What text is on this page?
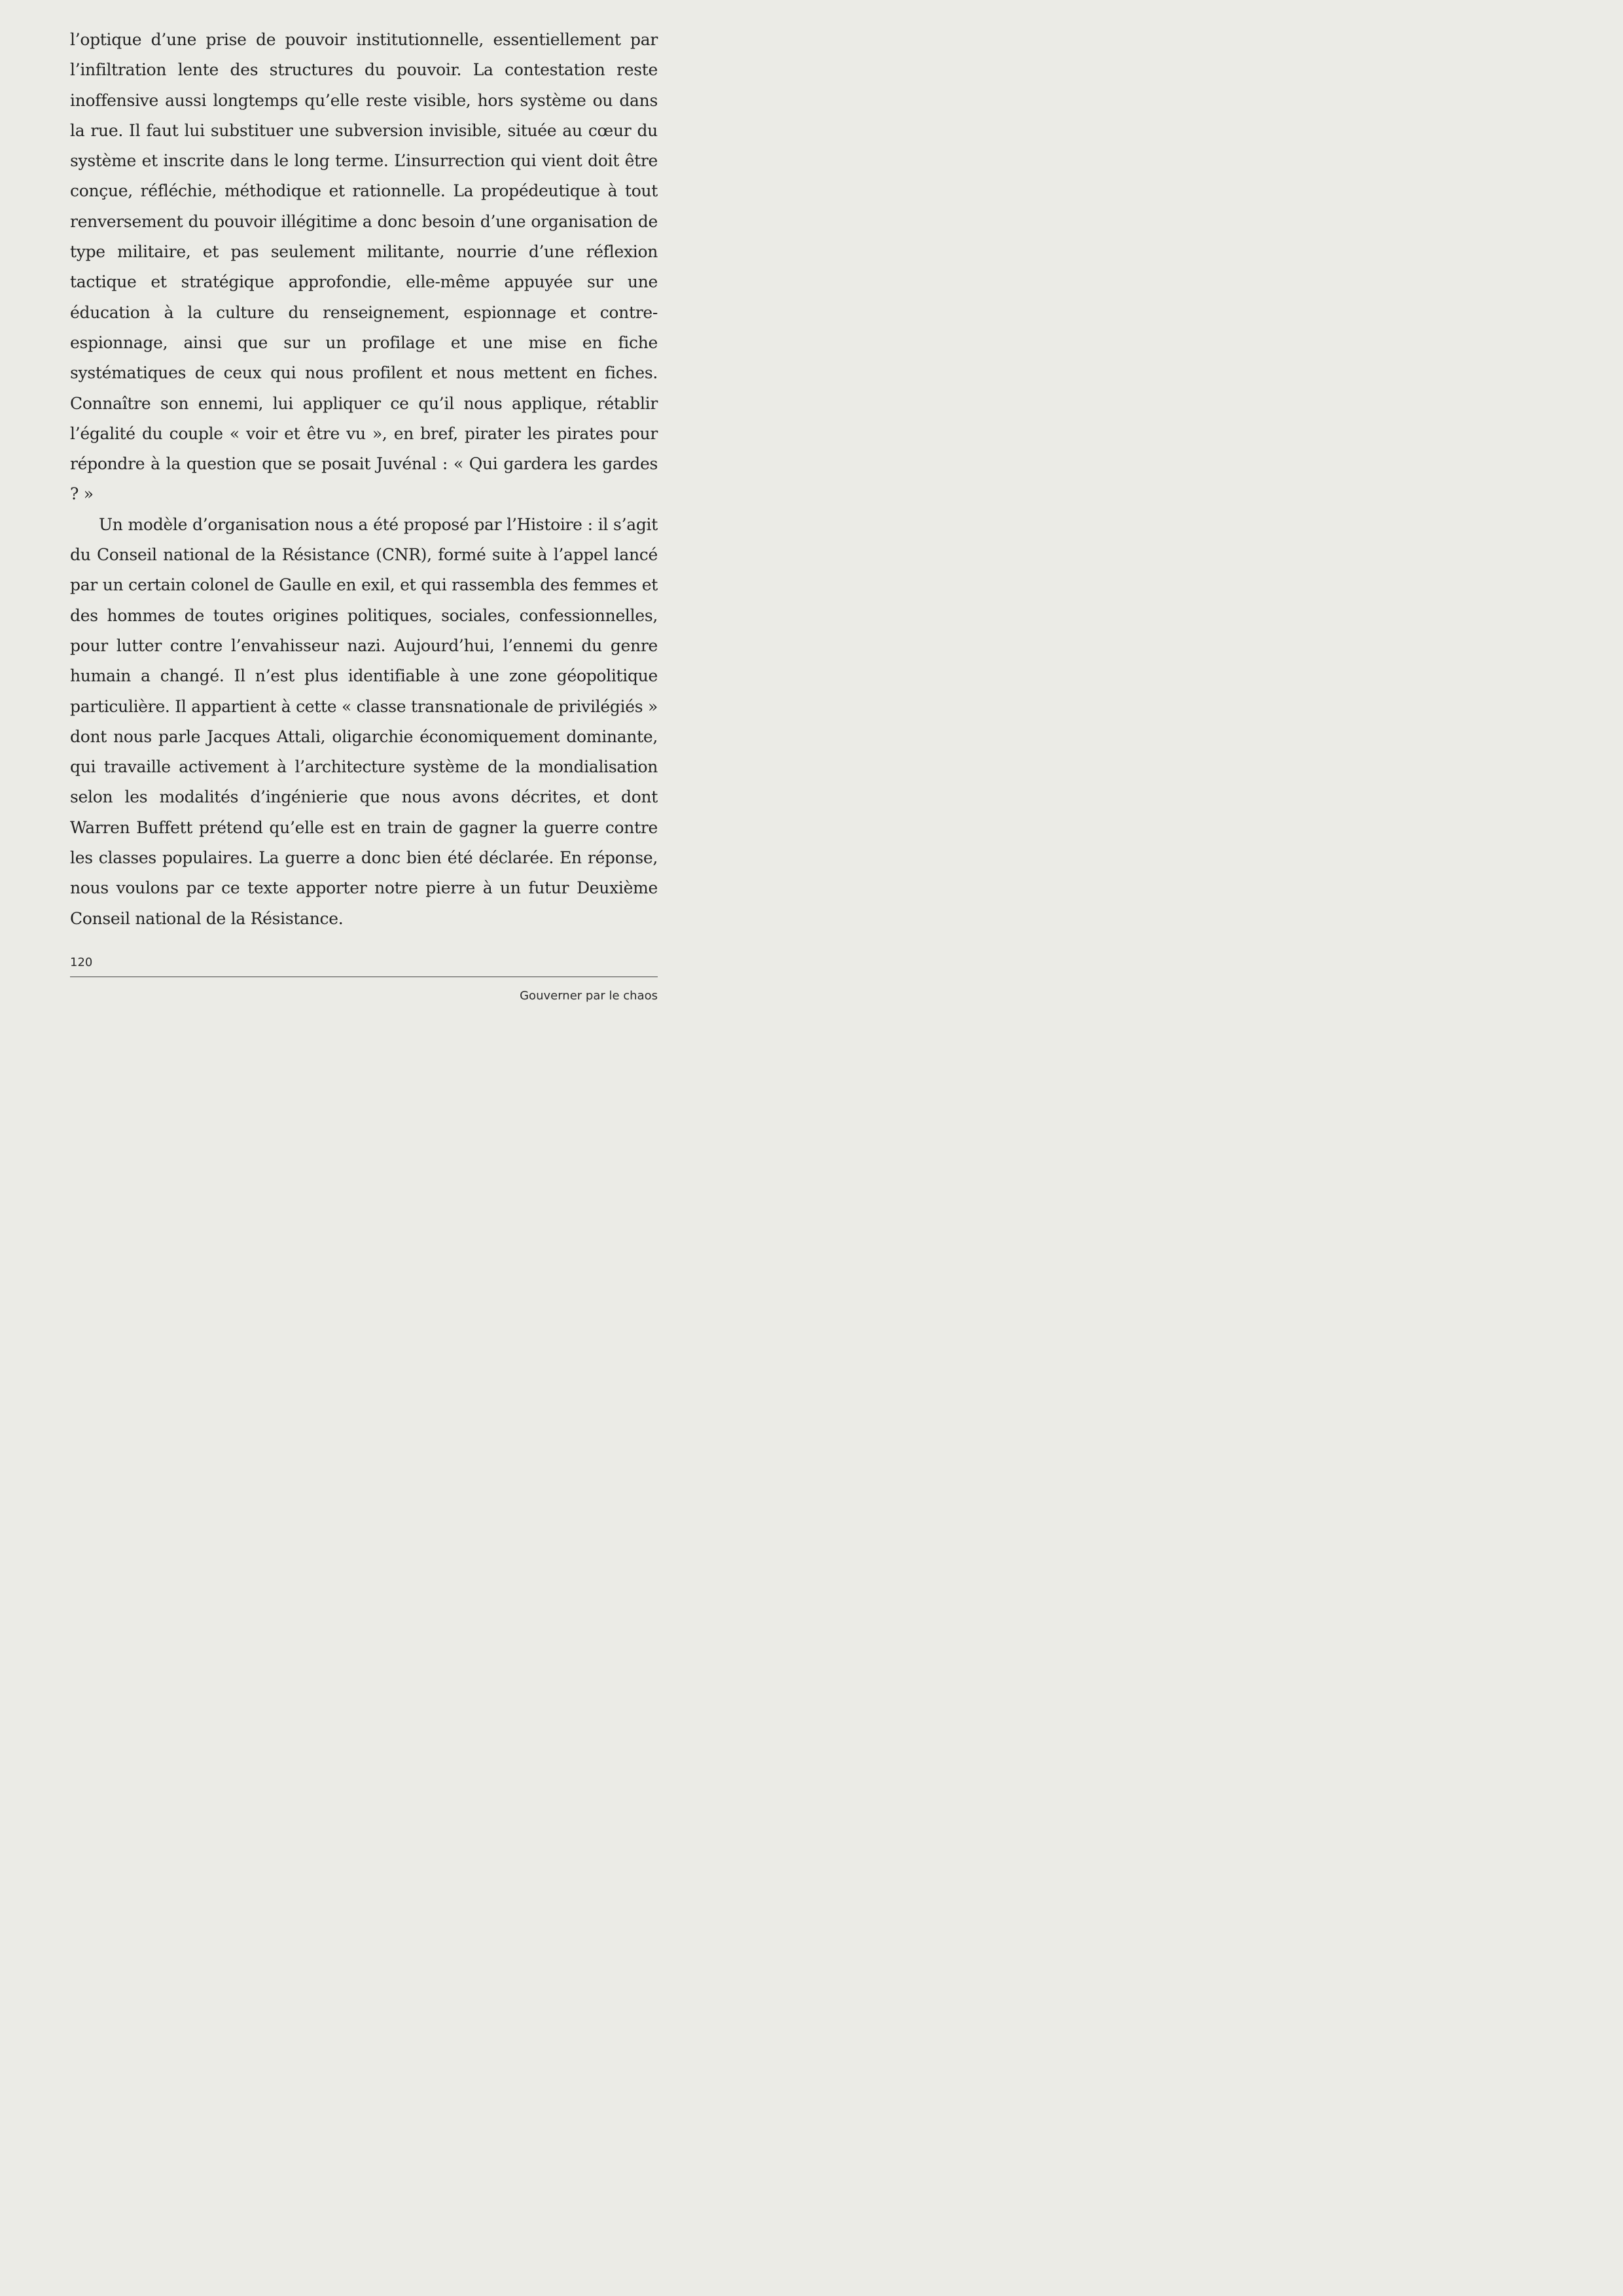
l’optique d’une prise de pouvoir institutionnelle, essentiellement par l’infiltration lente des structures du pouvoir. La contestation reste inoffensive aussi longtemps qu’elle reste visible, hors système ou dans la rue. Il faut lui substituer une subversion invisible, située au cœur du système et inscrite dans le long terme. L’insurrection qui vient doit être conçue, réfléchie, méthodique et rationnelle. La propédeutique à tout renversement du pouvoir illégitime a donc besoin d’une organisation de type militaire, et pas seulement militante, nourrie d’une réflexion tactique et stratégique approfondie, elle-même appuyée sur une éducation à la culture du renseignement, espionnage et contre-espionnage, ainsi que sur un profilage et une mise en fiche systématiques de ceux qui nous profilent et nous mettent en fiches. Connaître son ennemi, lui appliquer ce qu’il nous applique, rétablir l’égalité du couple « voir et être vu », en bref, pirater les pirates pour répondre à la question que se posait Juvénal : « Qui gardera les gardes ? »

Un modèle d’organisation nous a été proposé par l’Histoire : il s’agit du Conseil national de la Résistance (CNR), formé suite à l’appel lancé par un certain colonel de Gaulle en exil, et qui rassembla des femmes et des hommes de toutes origines politiques, sociales, confessionnelles, pour lutter contre l’envahisseur nazi. Aujourd’hui, l’ennemi du genre humain a changé. Il n’est plus identifiable à une zone géopolitique particulière. Il appartient à cette « classe transnationale de privilégiés » dont nous parle Jacques Attali, oligarchie économiquement dominante, qui travaille activement à l’architecture système de la mondialisation selon les modalités d’ingénierie que nous avons décrites, et dont Warren Buffett prétend qu’elle est en train de gagner la guerre contre les classes populaires. La guerre a donc bien été déclarée. En réponse, nous voulons par ce texte apporter notre pierre à un futur Deuxième Conseil national de la Résistance.

120
Gouverner par le chaos
